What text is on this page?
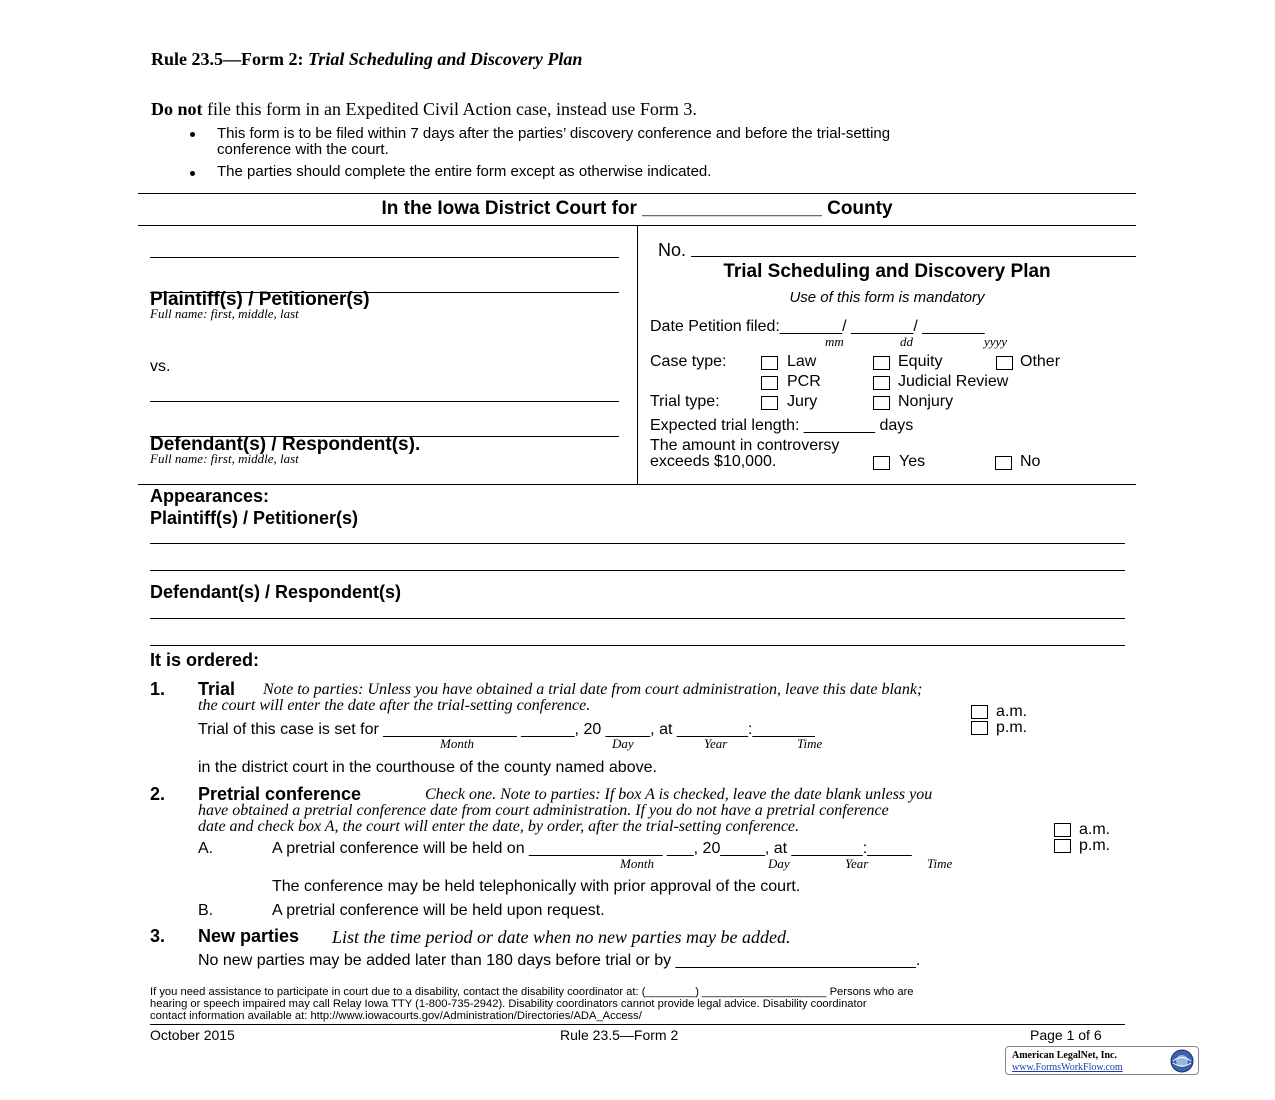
Rule 23.5—Form 2: Trial Scheduling and Discovery Plan
Do not file this form in an Expedited Civil Action case, instead use Form 3.
This form is to be filed within 7 days after the parties’ discovery conference and before the trial-setting
conference with the court.
The parties should complete the entire form except as otherwise indicated.
In the Iowa District Court for _________________ County
Plaintiff(s) / Petitioner(s)
Full name: first, middle, last
vs.
Defendant(s) / Respondent(s).
Full name: first, middle, last
No.
Trial Scheduling and Discovery Plan
Use of this form is mandatory
Date Petition filed:_______/ _______/ _______
mm	dd	yyyy
Case type:	Law	Equity	Other
PCR	Judicial Review
Trial type:	Jury	Nonjury
Expected trial length: ________ days
The amount in controversy
exceeds $10,000.	Yes	No
Appearances:
Plaintiff(s) / Petitioner(s)
Defendant(s) / Respondent(s)
It is ordered:
1. Trial Note to parties: Unless you have obtained a trial date from court administration, leave this date blank;
the court will enter the date after the trial-setting conference.
Trial of this case is set for _______________ ______, 20 _____, at ________:_______
Month	Day	Year	Time
a.m.
p.m.
in the district court in the courthouse of the county named above.
2. Pretrial conference	Check one. Note to parties: If box A is checked, leave the date blank unless you
have obtained a pretrial conference date from court administration. If you do not have a pretrial conference
date and check box A, the court will enter the date, by order, after the trial-setting conference.	a.m.
p.m.
A.	A pretrial conference will be held on _______________ ___, 20_____, at ________:_____
Month	Day	Year	Time
The conference may be held telephonically with prior approval of the court.
B.	A pretrial conference will be held upon request.
3. New parties List the time period or date when no new parties may be added.
No new parties may be added later than 180 days before trial or by ___________________________.
If you need assistance to participate in court due to a disability, contact the disability coordinator at: (________) ____________________ Persons who are
hearing or speech impaired may call Relay Iowa TTY (1-800-735-2942). Disability coordinators cannot provide legal advice. Disability coordinator
contact information available at: http://www.iowacourts.gov/Administration/Directories/ADA_Access/
October 2015	Rule 23.5—Form 2	Page 1 of 6
American LegalNet, Inc.
www.FormsWorkFlow.com
